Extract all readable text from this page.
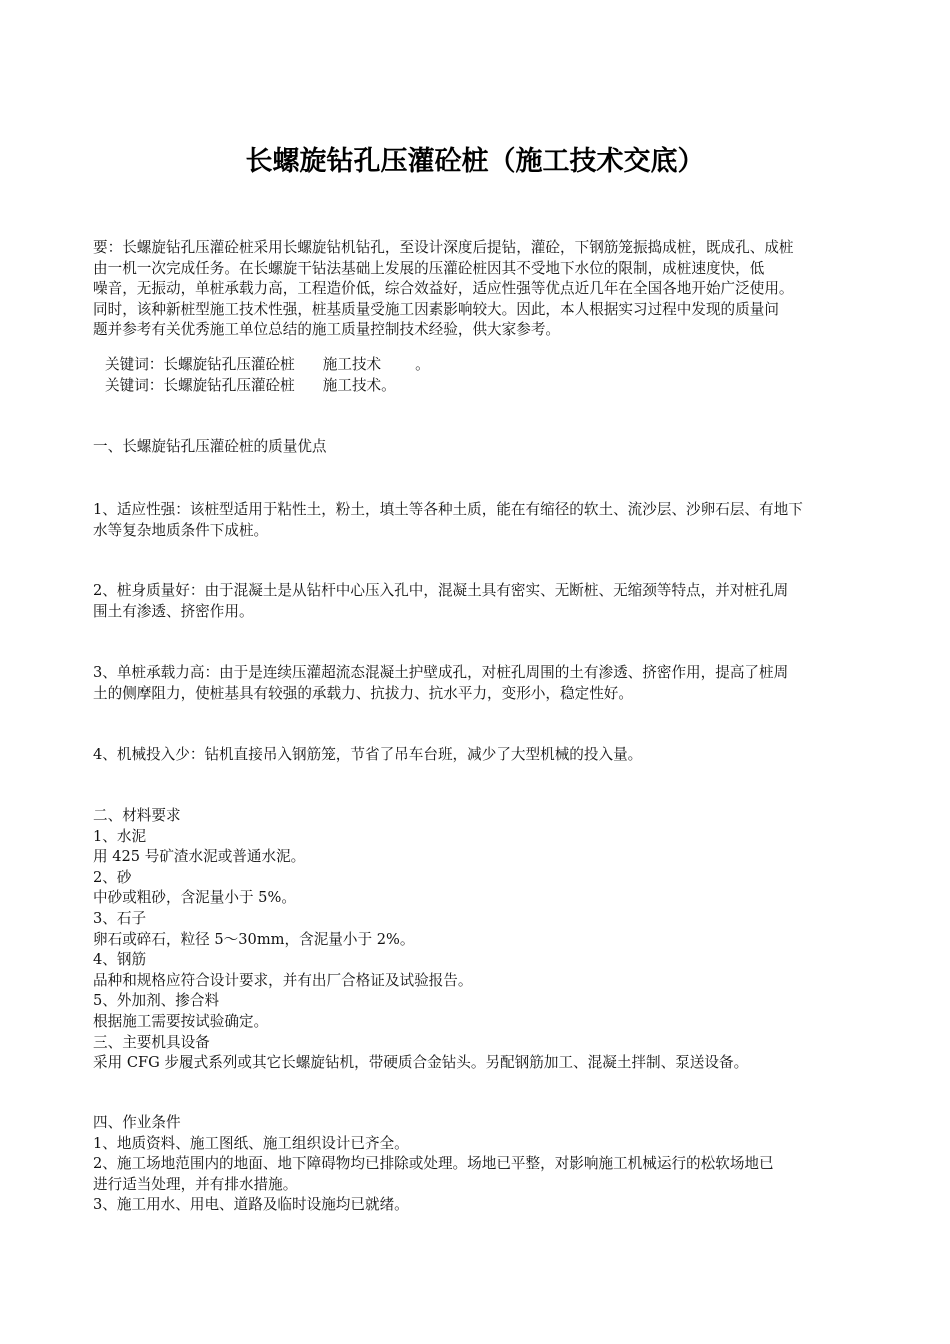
长螺旋钻孔压灌砼桩（施工技术交底）
要：长螺旋钻孔压灌砼桩采用长螺旋钻机钻孔，至设计深度后提钻，灌砼，下钢筋笼振捣成桩，既成孔、成桩
由一机一次完成任务。在长螺旋干钻法基础上发展的压灌砼桩因其不受地下水位的限制，成桩速度快，低
噪音，无振动，单桩承载力高，工程造价低，综合效益好，适应性强等优点近几年在全国各地开始广泛使用。
同时，该种新桩型施工技术性强，桩基质量受施工因素影响较大。因此，本人根据实习过程中发现的质量问
题并参考有关优秀施工单位总结的施工质量控制技术经验，供大家参考。
关键词：长螺旋钻孔压灌砼桩 施工技术 。
关键词：长螺旋钻孔压灌砼桩 施工技术。
一、长螺旋钻孔压灌砼桩的质量优点
1、适应性强：该桩型适用于粘性土，粉土，填土等各种土质，能在有缩径的软土、流沙层、沙卵石层、有地下
水等复杂地质条件下成桩。
2、桩身质量好：由于混凝土是从钻杆中心压入孔中，混凝土具有密实、无断桩、无缩颈等特点，并对桩孔周
围土有渗透、挤密作用。
3、单桩承载力高：由于是连续压灌超流态混凝土护壁成孔，对桩孔周围的土有渗透、挤密作用，提高了桩周
土的侧摩阻力，使桩基具有较强的承载力、抗拔力、抗水平力，变形小，稳定性好。
4、机械投入少：钻机直接吊入钢筋笼，节省了吊车台班，减少了大型机械的投入量。
二、材料要求
1、水泥
用 425 号矿渣水泥或普通水泥。
2、砂
中砂或粗砂，含泥量小于 5%。
3、石子
卵石或碎石，粒径 5～30mm，含泥量小于 2%。
4、钢筋
品种和规格应符合设计要求，并有出厂合格证及试验报告。
5、外加剂、掺合料
根据施工需要按试验确定。
三、主要机具设备
采用 CFG 步履式系列或其它长螺旋钻机，带硬质合金钻头。另配钢筋加工、混凝土拌制、泵送设备。
四、作业条件
1、地质资料、施工图纸、施工组织设计已齐全。
2、施工场地范围内的地面、地下障碍物均已排除或处理。场地已平整，对影响施工机械运行的松软场地已
进行适当处理，并有排水措施。
3、施工用水、用电、道路及临时设施均已就绪。
